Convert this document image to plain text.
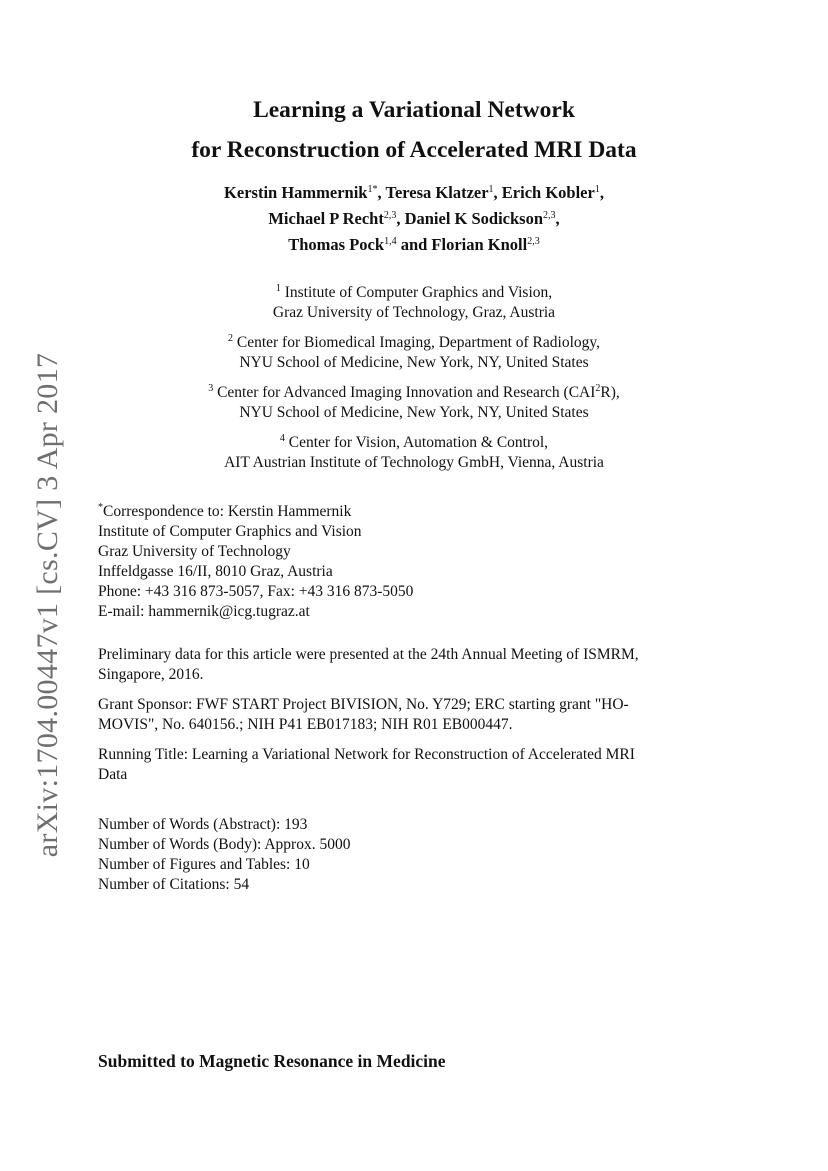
arXiv:1704.00447v1 [cs.CV] 3 Apr 2017
Learning a Variational Network
for Reconstruction of Accelerated MRI Data
Kerstin Hammernik$^{1*}$, Teresa Klatzer$^1$, Erich Kobler$^1$,
Michael P Recht$^{2,3}$, Daniel K Sodickson$^{2,3}$,
Thomas Pock$^{1,4}$ and Florian Knoll$^{2,3}$
$^1$ Institute of Computer Graphics and Vision,
Graz University of Technology, Graz, Austria
$^2$ Center for Biomedical Imaging, Department of Radiology,
NYU School of Medicine, New York, NY, United States
$^3$ Center for Advanced Imaging Innovation and Research (CAI$^2$R),
NYU School of Medicine, New York, NY, United States
$^4$ Center for Vision, Automation & Control,
AIT Austrian Institute of Technology GmbH, Vienna, Austria
*Correspondence to: Kerstin Hammernik
Institute of Computer Graphics and Vision
Graz University of Technology
Inffeldgasse 16/II, 8010 Graz, Austria
Phone: +43 316 873-5057, Fax: +43 316 873-5050
E-mail: hammernik@icg.tugraz.at
Preliminary data for this article were presented at the 24th Annual Meeting of ISMRM,
Singapore, 2016.
Grant Sponsor: FWF START Project BIVISION, No. Y729; ERC starting grant "HO-
MOVIS", No. 640156.; NIH P41 EB017183; NIH R01 EB000447.
Running Title: Learning a Variational Network for Reconstruction of Accelerated MRI
Data
Number of Words (Abstract): 193
Number of Words (Body): Approx. 5000
Number of Figures and Tables: 10
Number of Citations: 54
Submitted to Magnetic Resonance in Medicine
